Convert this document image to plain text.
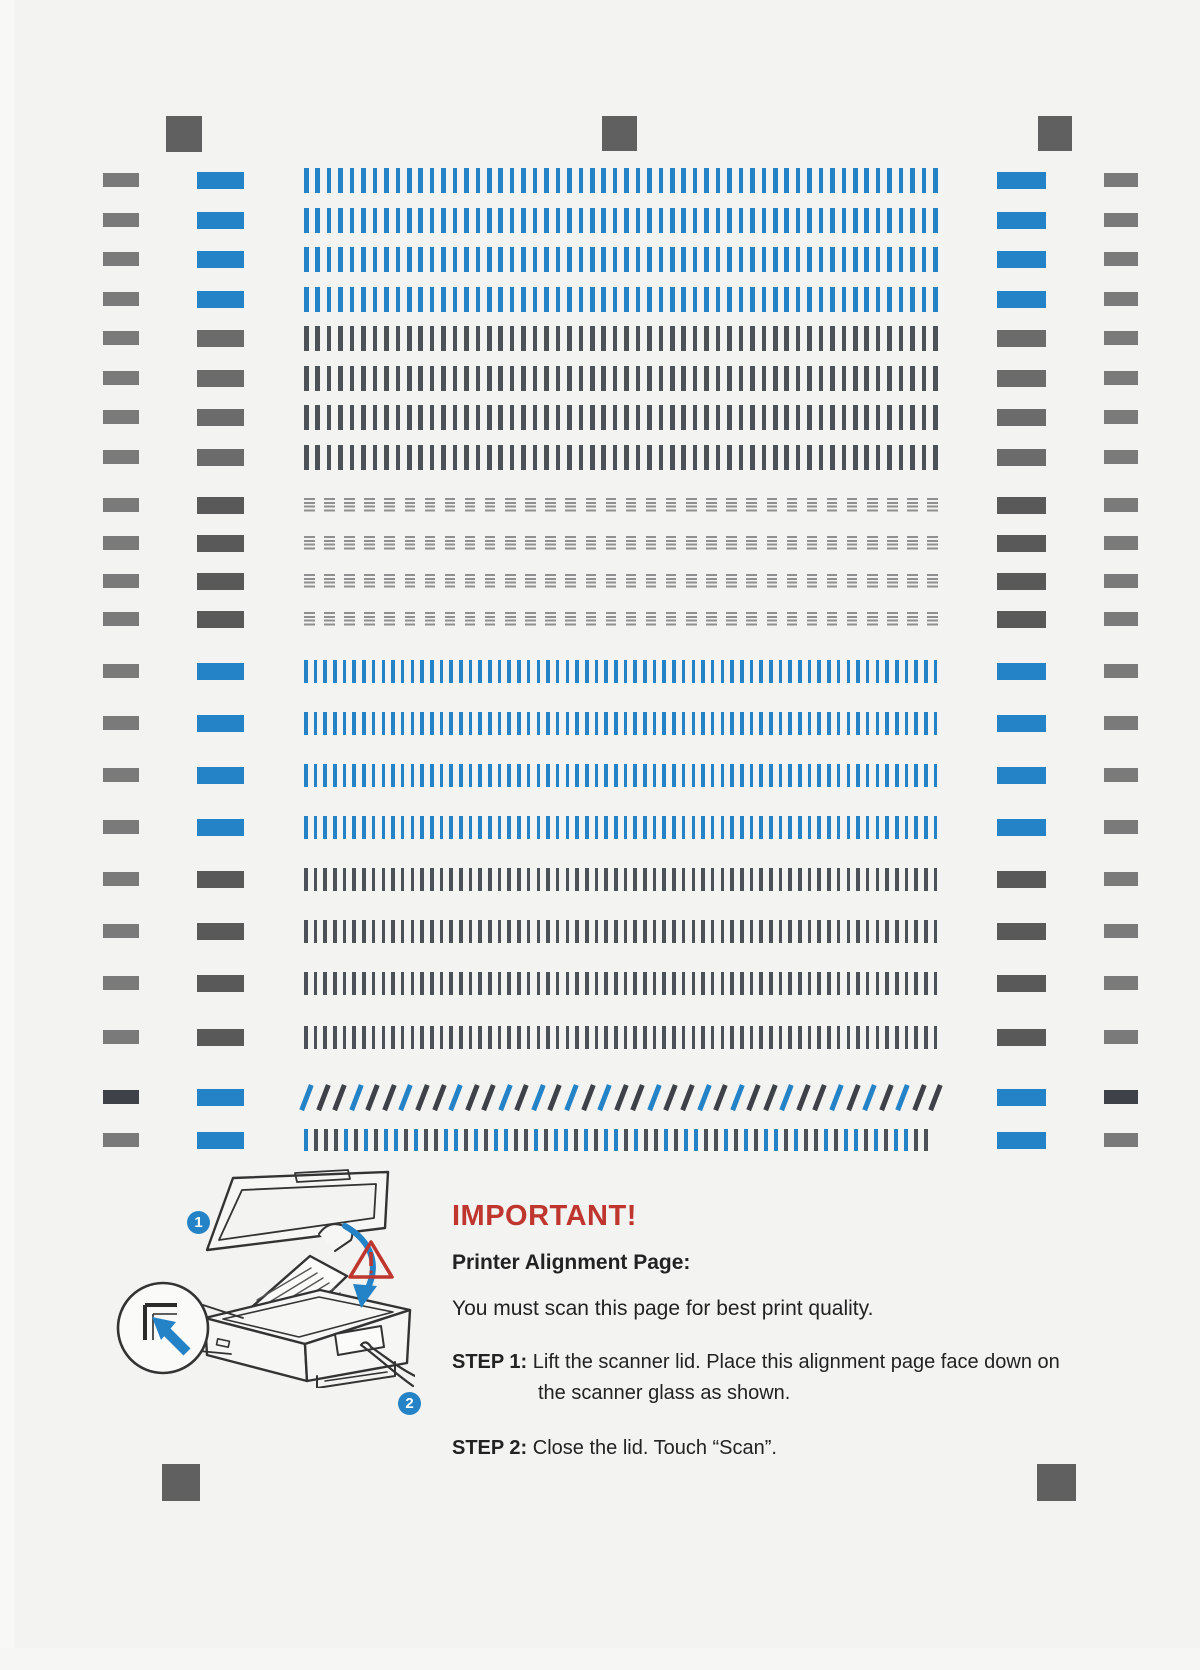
1
2

IMPORTANT!

Printer Alignment Page:

You must scan this page for best print quality.

STEP 1: Lift the scanner lid. Place this alignment page face down on
the scanner glass as shown.

STEP 2: Close the lid. Touch “Scan”.
